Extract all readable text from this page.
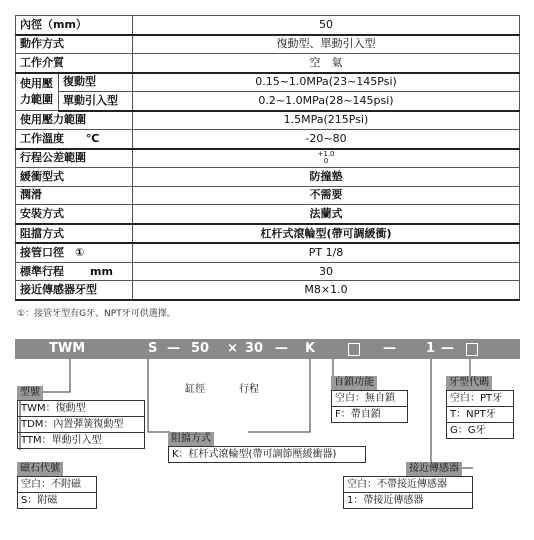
內徑（mm）		50
動作方式		復動型、單動引入型
工作介質		空　氣

使用壓
力範圍	復動型	0.15~1.0MPa(23~145Psi)
	單動引入型	0.2~1.0MPa(28~145psi)
使用壓力範圍		1.5MPa(215Psi)
工作溫度 ℃		-20~80
行程公差範圍		+1.0
0
緩衝型式		防撞墊
潤滑		不需要
安裝方式		法蘭式
阻擋方式		杠杆式滾輪型(帶可調緩衝)
接管口徑　①		PT 1/8
標準行程 mm		30
接近傳感器牙型		M8×1.0
①：接管牙型有G牙、NPT牙可供選擇。
TWM	S — 50 × 30 — K	— 1 —
型號
TWM：復動型
TDM：內置彈簧復動型
TTM：單動引入型
缸徑	行程
自鎖功能
空白：無自鎖
F：帶自鎖
牙型代碼
空白：PT牙
T：NPT牙
G：G牙
阻擋方式
K：杠杆式滾輪型(帶可調節壓緩衝器)
磁石代號
空白：不附磁
S：附磁
接近傳感器
空白：不帶接近傳感器
1：帶接近傳感器
